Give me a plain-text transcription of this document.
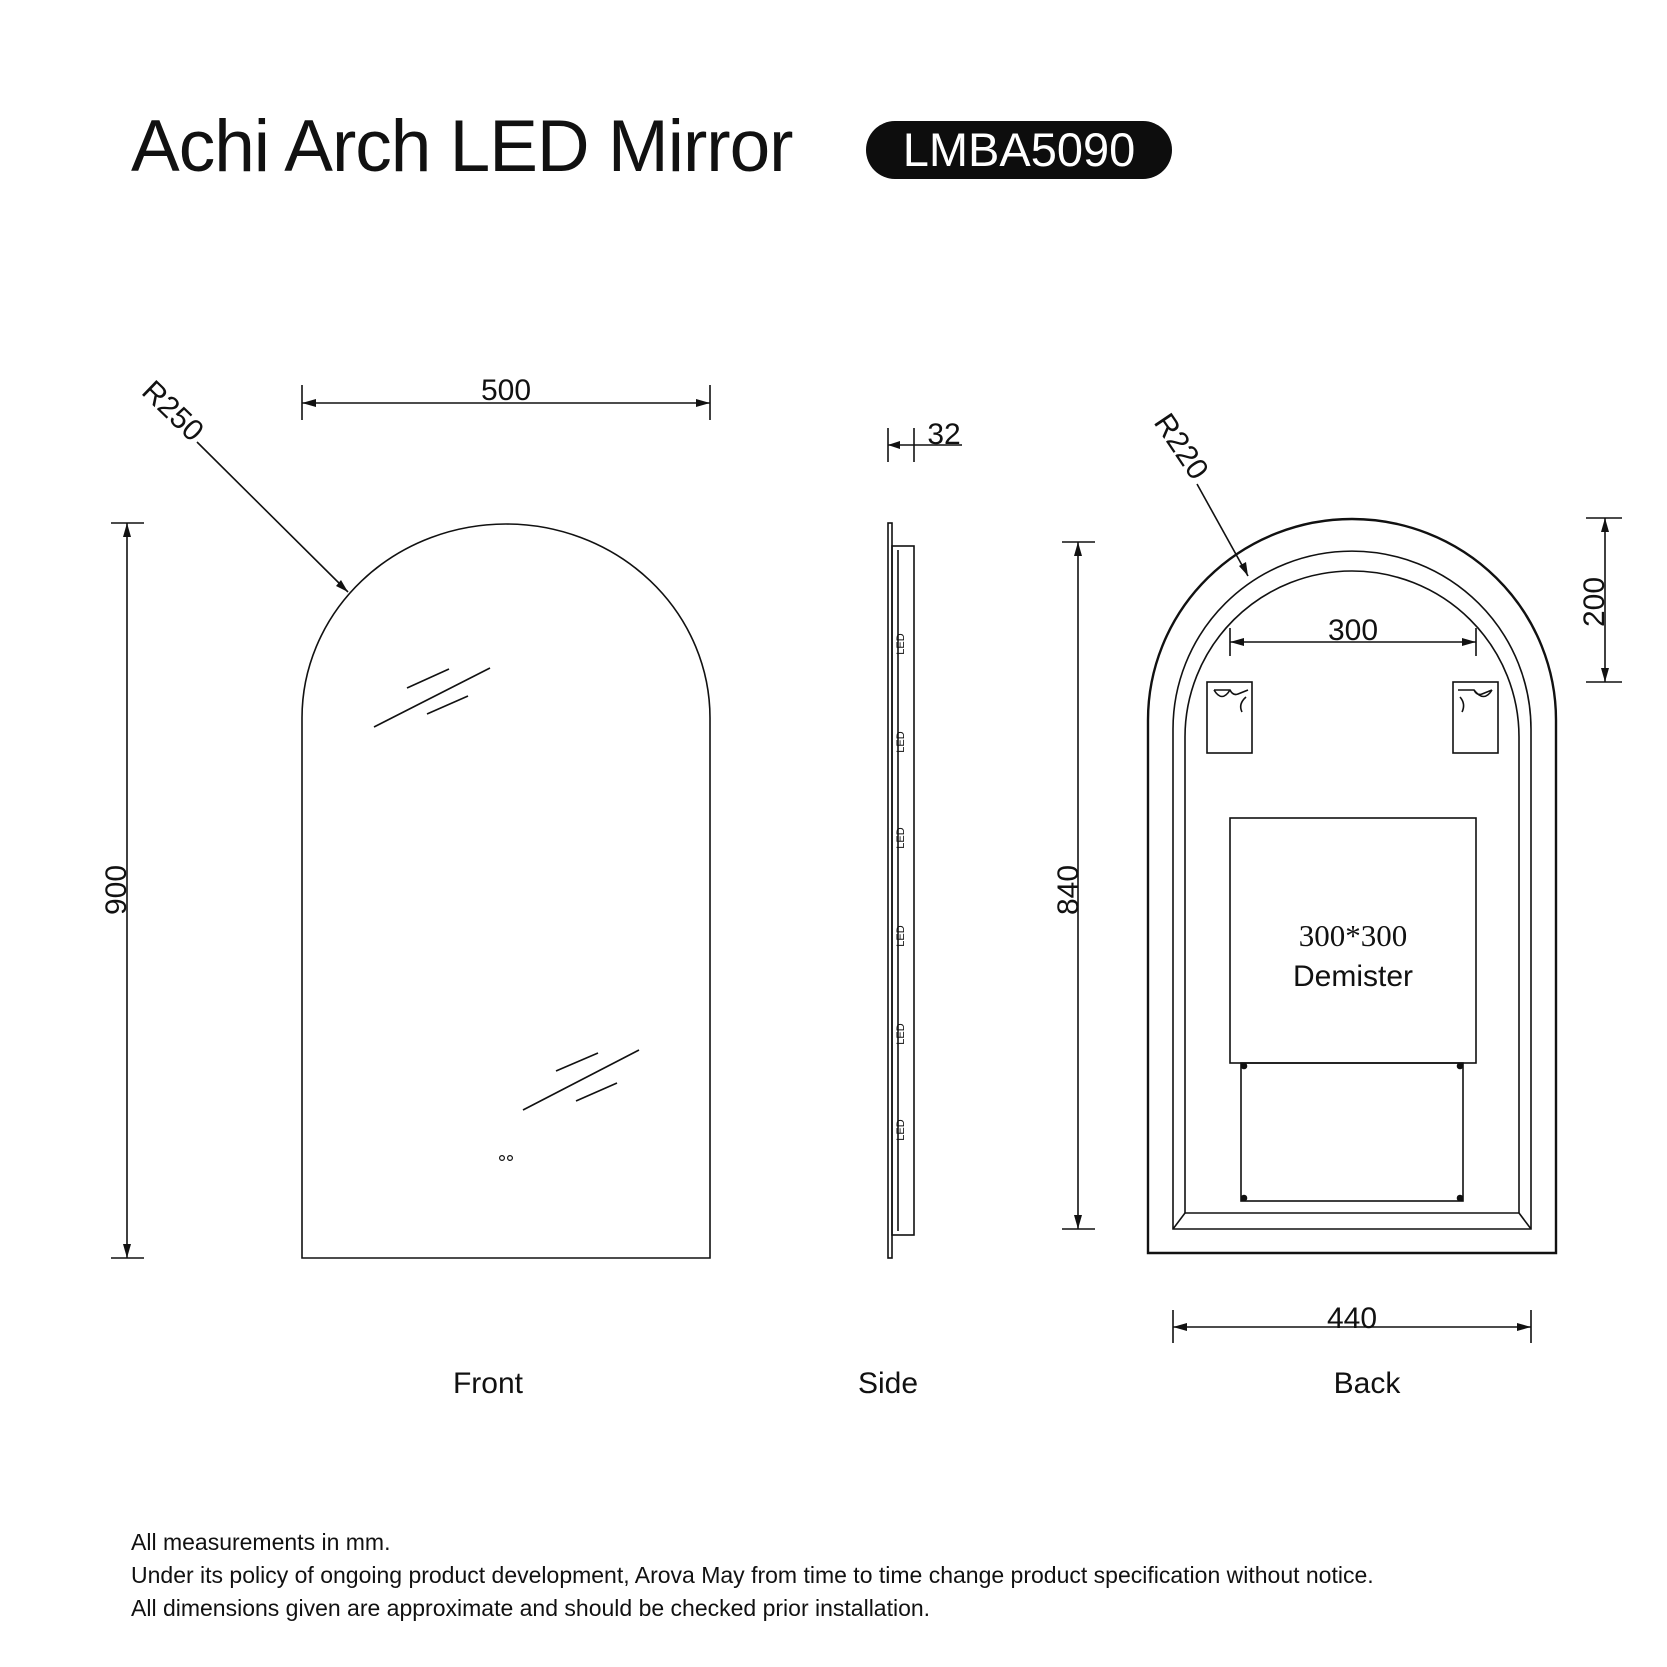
Achi Arch LED Mirror	LMBA5090
500
900
R250	32	R220
300
840
200
440
LED
LED
LED
LED
LED
LED
300*300
Demister
Front	Side	Back
All measurements in mm.
Under its policy of ongoing product development, Arova May from time to time change product specification without notice.
All dimensions given are approximate and should be checked prior installation.
